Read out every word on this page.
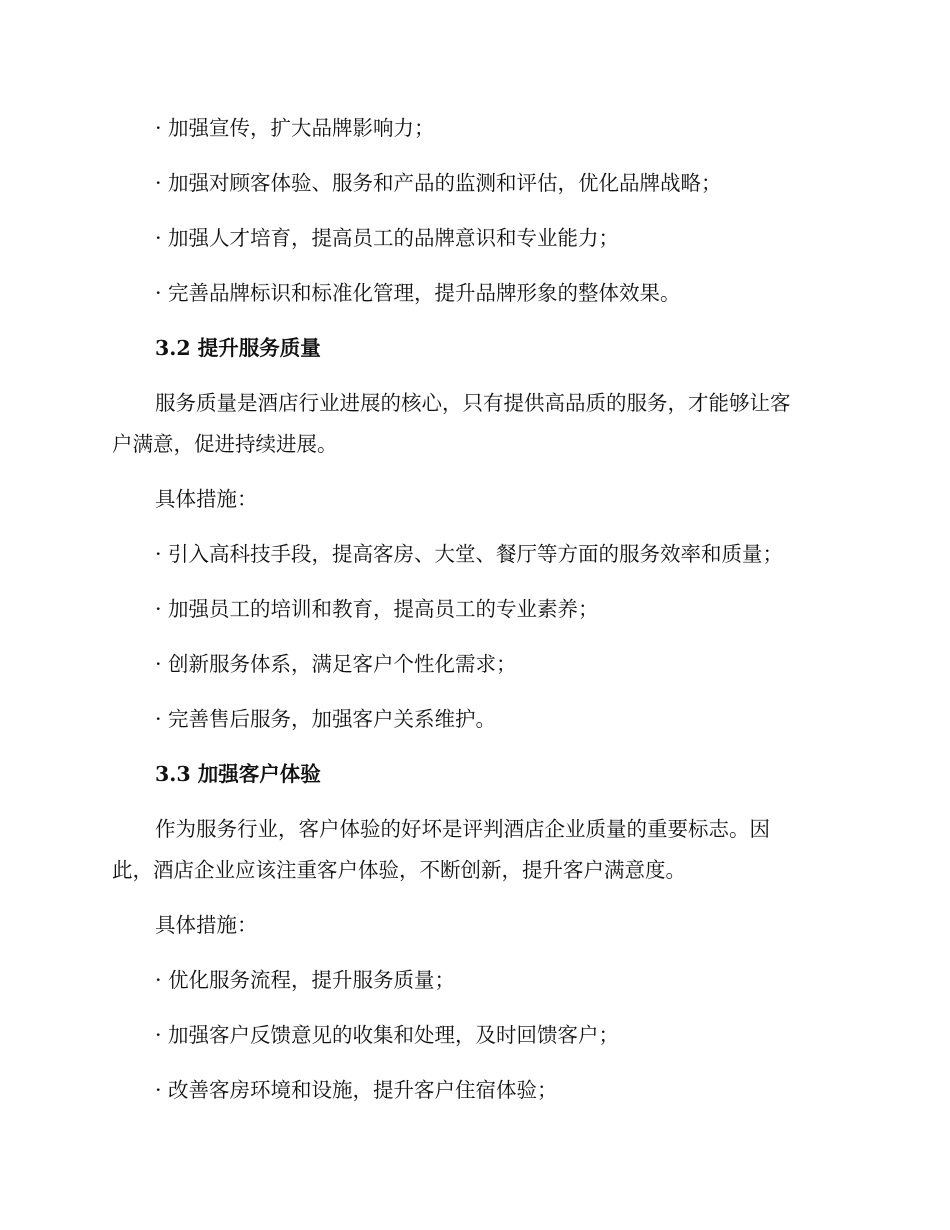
· 加强宣传，扩大品牌影响力；
· 加强对顾客体验、服务和产品的监测和评估，优化品牌战略；
· 加强人才培育，提高员工的品牌意识和专业能力；
· 完善品牌标识和标准化管理，提升品牌形象的整体效果。
3.2 提升服务质量
服务质量是酒店行业进展的核心，只有提供高品质的服务，才能够让客
户满意，促进持续进展。
具体措施：
· 引入高科技手段，提高客房、大堂、餐厅等方面的服务效率和质量；
· 加强员工的培训和教育，提高员工的专业素养；
· 创新服务体系，满足客户个性化需求；
· 完善售后服务，加强客户关系维护。
3.3 加强客户体验
作为服务行业，客户体验的好坏是评判酒店企业质量的重要标志。因
此，酒店企业应该注重客户体验，不断创新，提升客户满意度。
具体措施：
· 优化服务流程，提升服务质量；
· 加强客户反馈意见的收集和处理，及时回馈客户；
· 改善客房环境和设施，提升客户住宿体验；
